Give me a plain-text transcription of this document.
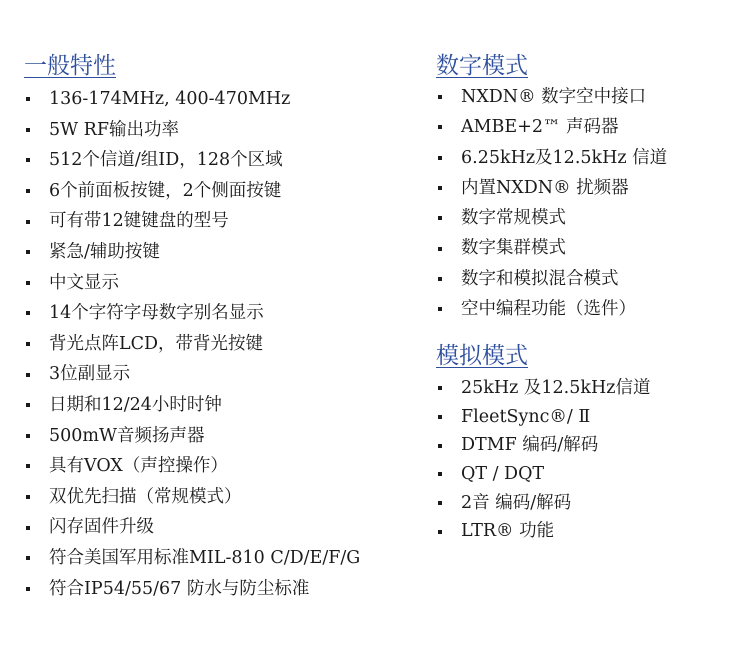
一般特性
136-174MHz, 400-470MHz
5W RF输出功率
512个信道/组ID，128个区域
6个前面板按键，2个侧面按键
可有带12键键盘的型号
紧急/辅助按键
中文显示
14个字符字母数字别名显示
背光点阵LCD，带背光按键
3位副显示
日期和12/24小时时钟
500mW音频扬声器
具有VOX（声控操作）
双优先扫描（常规模式）
闪存固件升级
符合美国军用标准MIL-810 C/D/E/F/G
符合IP54/55/67 防水与防尘标准
数字模式
NXDN® 数字空中接口
AMBE+2™ 声码器
6.25kHz及12.5kHz 信道
内置NXDN® 扰频器
数字常规模式
数字集群模式
数字和模拟混合模式
空中编程功能（选件）
模拟模式
25kHz 及12.5kHz信道
FleetSync®/ Ⅱ
DTMF 编码/解码
QT / DQT
2音 编码/解码
LTR® 功能
